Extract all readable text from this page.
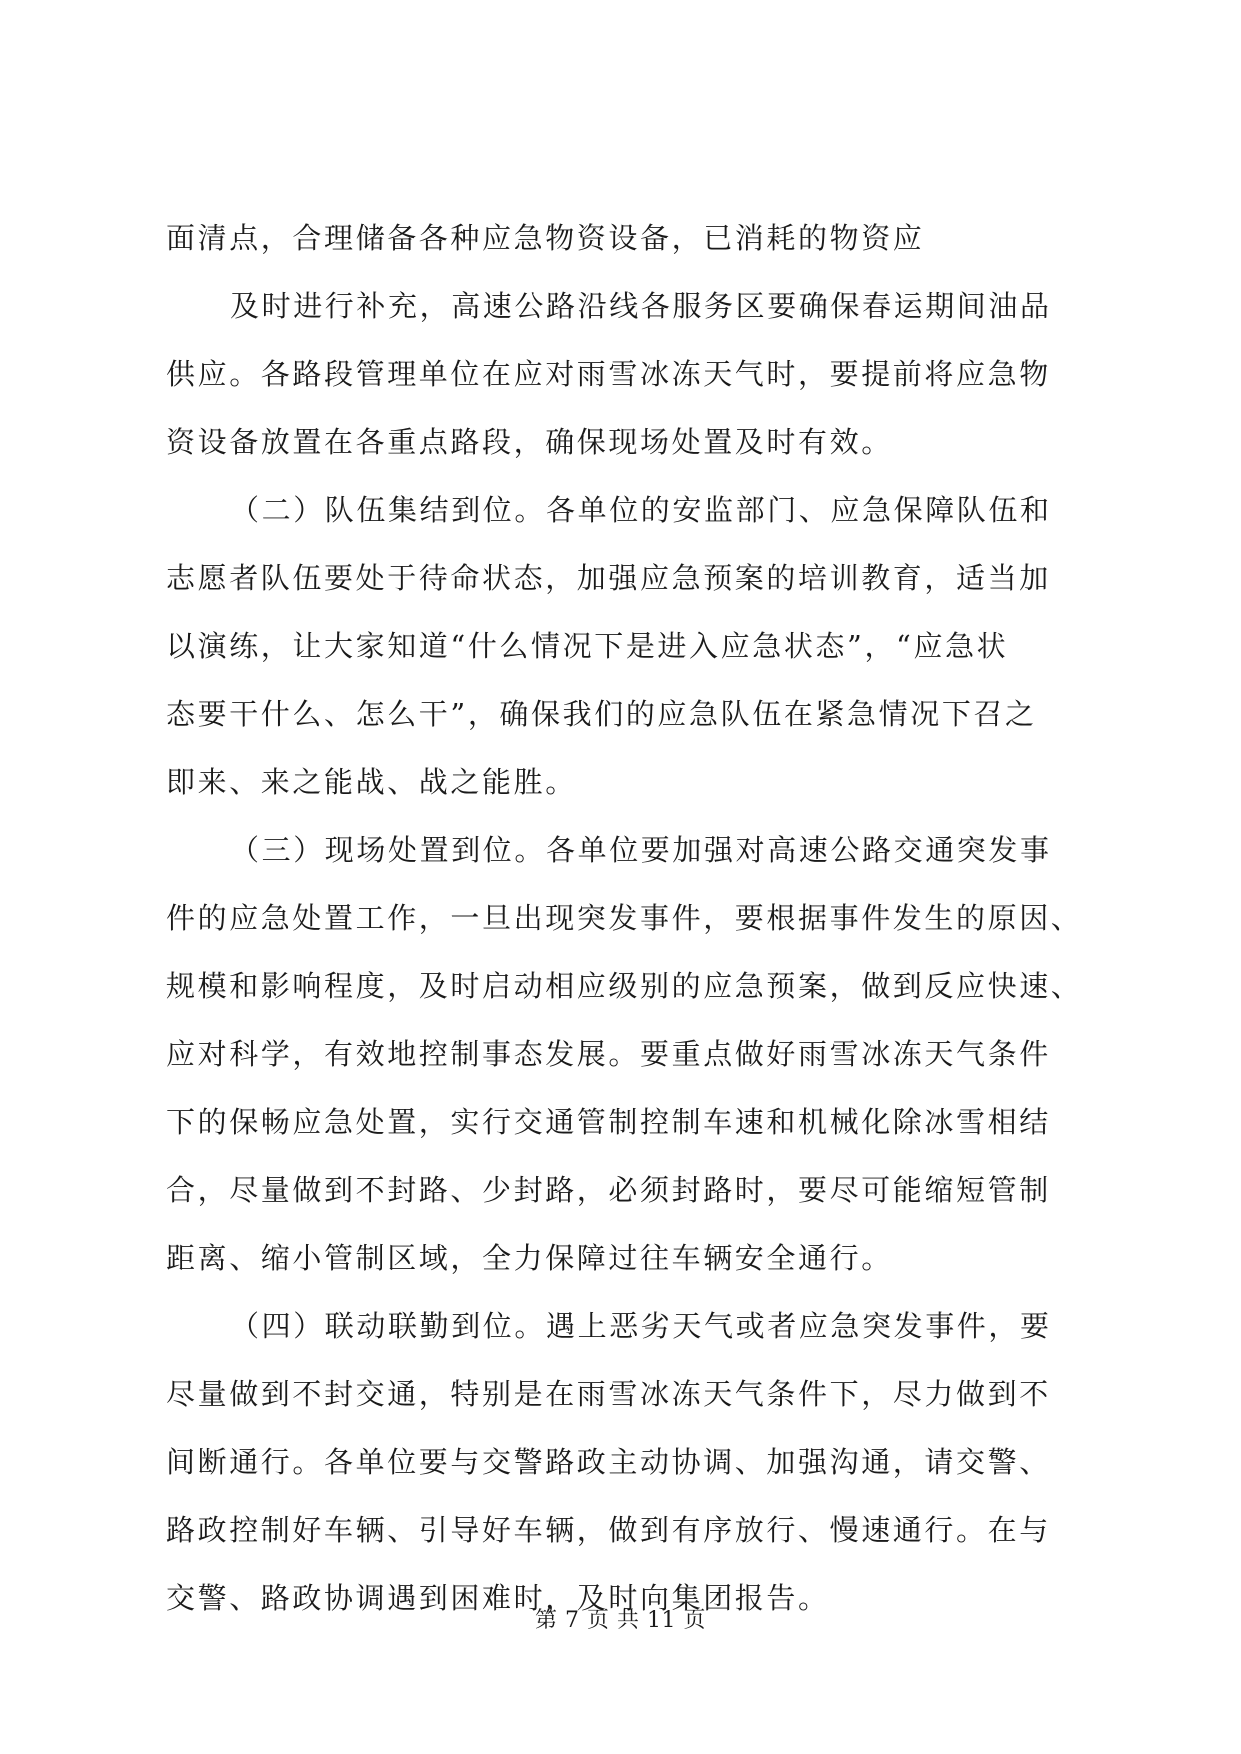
面清点，合理储备各种应急物资设备，已消耗的物资应
及时进行补充，高速公路沿线各服务区要确保春运期间油品
供应。各路段管理单位在应对雨雪冰冻天气时，要提前将应急物
资设备放置在各重点路段，确保现场处置及时有效。
（二）队伍集结到位。各单位的安监部门、应急保障队伍和
志愿者队伍要处于待命状态，加强应急预案的培训教育，适当加
以演练，让大家知道“什么情况下是进入应急状态”，“应急状
态要干什么、怎么干”，确保我们的应急队伍在紧急情况下召之
即来、来之能战、战之能胜。
（三）现场处置到位。各单位要加强对高速公路交通突发事
件的应急处置工作，一旦出现突发事件，要根据事件发生的原因、
规模和影响程度，及时启动相应级别的应急预案，做到反应快速、
应对科学，有效地控制事态发展。要重点做好雨雪冰冻天气条件
下的保畅应急处置，实行交通管制控制车速和机械化除冰雪相结
合，尽量做到不封路、少封路，必须封路时，要尽可能缩短管制
距离、缩小管制区域，全力保障过往车辆安全通行。
（四）联动联勤到位。遇上恶劣天气或者应急突发事件，要
尽量做到不封交通，特别是在雨雪冰冻天气条件下，尽力做到不
间断通行。各单位要与交警路政主动协调、加强沟通，请交警、
路政控制好车辆、引导好车辆，做到有序放行、慢速通行。在与
交警、路政协调遇到困难时，及时向集团报告。
第 7 页 共 11 页
